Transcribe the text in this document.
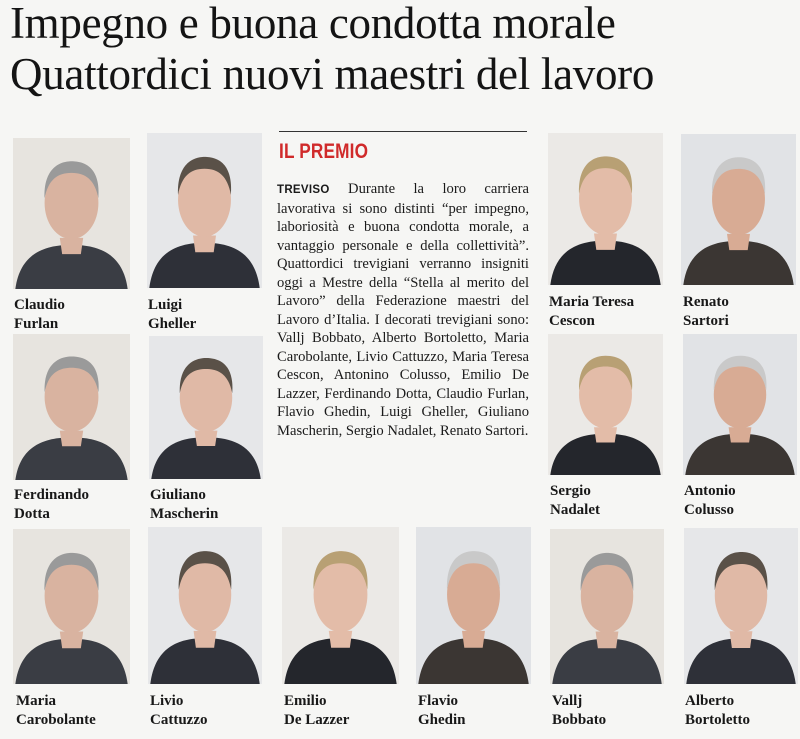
Impegno e buona condotta morale
Quattordici nuovi maestri del lavoro
IL PREMIO
TREVISO Durante la loro carriera lavorativa si sono distinti “per impegno, laboriosità e buona condotta morale, a vantaggio personale e della collettività”. Quattordici trevigiani verranno insigniti oggi a Mestre della “Stella al merito del Lavoro” della Federazione maestri del Lavoro d’Italia. I decorati trevigiani sono: Vallj Bobbato, Alberto Bortoletto, Maria Carobolante, Livio Cattuzzo, Maria Teresa Cescon, Antonino Colusso, Emilio De Lazzer, Ferdinando Dotta, Claudio Furlan, Flavio Ghedin, Luigi Gheller, Giuliano Mascherin, Sergio Nadalet, Renato Sartori.
Claudio
Furlan
Luigi
Gheller
Maria Teresa
Cescon
Renato
Sartori
Ferdinando
Dotta
Giuliano
Mascherin
Sergio
Nadalet
Antonio
Colusso
Maria
Carobolante
Livio
Cattuzzo
Emilio
De Lazzer
Flavio
Ghedin
Vallj
Bobbato
Alberto
Bortoletto
